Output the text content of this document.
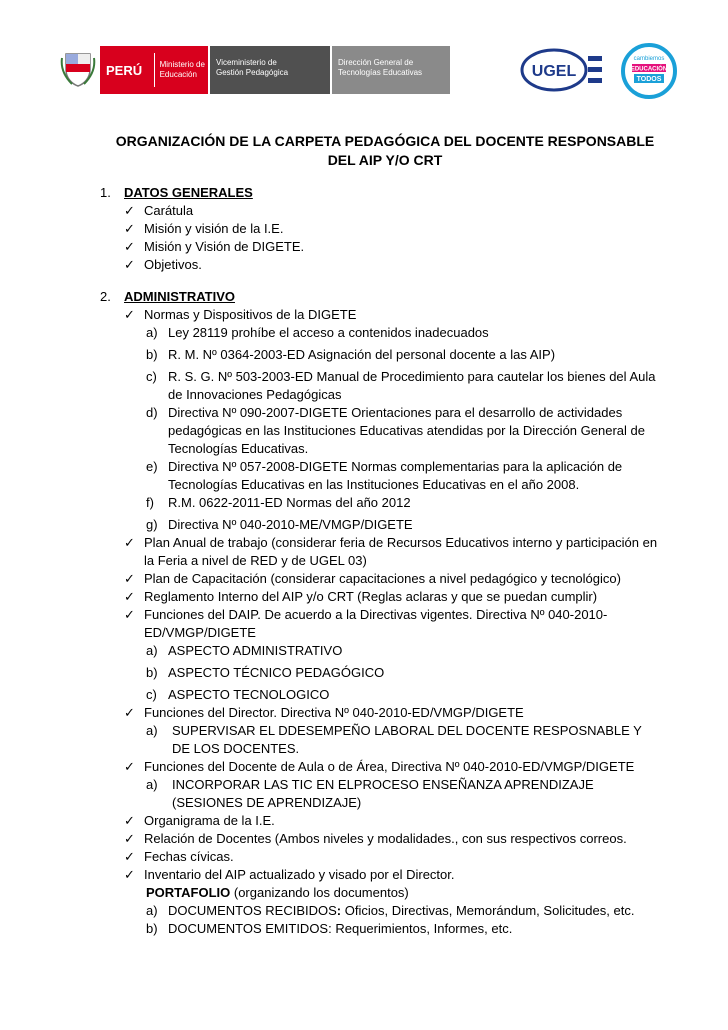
PERÚ	Ministerio de Educación
Viceministerio de Gestión Pedagógica
Dirección General de Tecnologías Educativas	UGEL
cambiemos
EDUCACIÓN
TODOS
ORGANIZACIÓN DE LA CARPETA PEDAGÓGICA DEL DOCENTE RESPONSABLE
DEL AIP Y/O CRT
1.	DATOS GENERALES
✓ Carátula
✓ Misión y visión de la I.E.
✓ Misión y Visión de DIGETE.
✓ Objetivos.
2.	ADMINISTRATIVO
✓ Normas y Dispositivos de la DIGETE
a) Ley 28119 prohíbe el acceso a contenidos inadecuados
b) R. M. Nº 0364-2003-ED Asignación del personal docente a las AIP)
c) R. S. G. Nº 503-2003-ED Manual de Procedimiento para cautelar los bienes del Aula de Innovaciones Pedagógicas
d) Directiva Nº 090-2007-DIGETE Orientaciones para el desarrollo de actividades pedagógicas en las Instituciones Educativas atendidas por la Dirección General de Tecnologías Educativas.
e) Directiva Nº 057-2008-DIGETE Normas complementarias para la aplicación de Tecnologías Educativas en las Instituciones Educativas en el año 2008.
f)	R.M. 0622-2011-ED Normas del año 2012
g) Directiva Nº 040-2010-ME/VMGP/DIGETE
✓ Plan Anual de trabajo (considerar feria de Recursos Educativos interno y participación en la Feria a nivel de RED y de UGEL 03)
✓ Plan de Capacitación (considerar capacitaciones a nivel pedagógico y tecnológico)
✓ Reglamento Interno del AIP y/o CRT (Reglas aclaras y que se puedan cumplir)
✓ Funciones del DAIP. De acuerdo a la Directivas vigentes. Directiva Nº 040-2010-ED/VMGP/DIGETE
a) ASPECTO ADMINISTRATIVO
b) ASPECTO TÉCNICO PEDAGÓGICO
c) ASPECTO TECNOLOGICO
✓ Funciones del Director. Directiva Nº 040-2010-ED/VMGP/DIGETE
a)	SUPERVISAR EL DDESEMPEÑO LABORAL DEL DOCENTE RESPOSNABLE Y DE LOS DOCENTES.
✓ Funciones del Docente de Aula o de Área, Directiva Nº 040-2010-ED/VMGP/DIGETE
a)	INCORPORAR LAS TIC EN ELPROCESO ENSEÑANZA APRENDIZAJE (SESIONES DE APRENDIZAJE)
✓ Organigrama de la I.E.
✓ Relación de Docentes (Ambos niveles y modalidades., con sus respectivos correos.
✓ Fechas cívicas.
✓ Inventario del AIP actualizado y visado por el Director.
PORTAFOLIO (organizando los documentos)
a) DOCUMENTOS RECIBIDOS: Oficios, Directivas, Memorándum, Solicitudes, etc.
b) DOCUMENTOS EMITIDOS: Requerimientos, Informes, etc.
